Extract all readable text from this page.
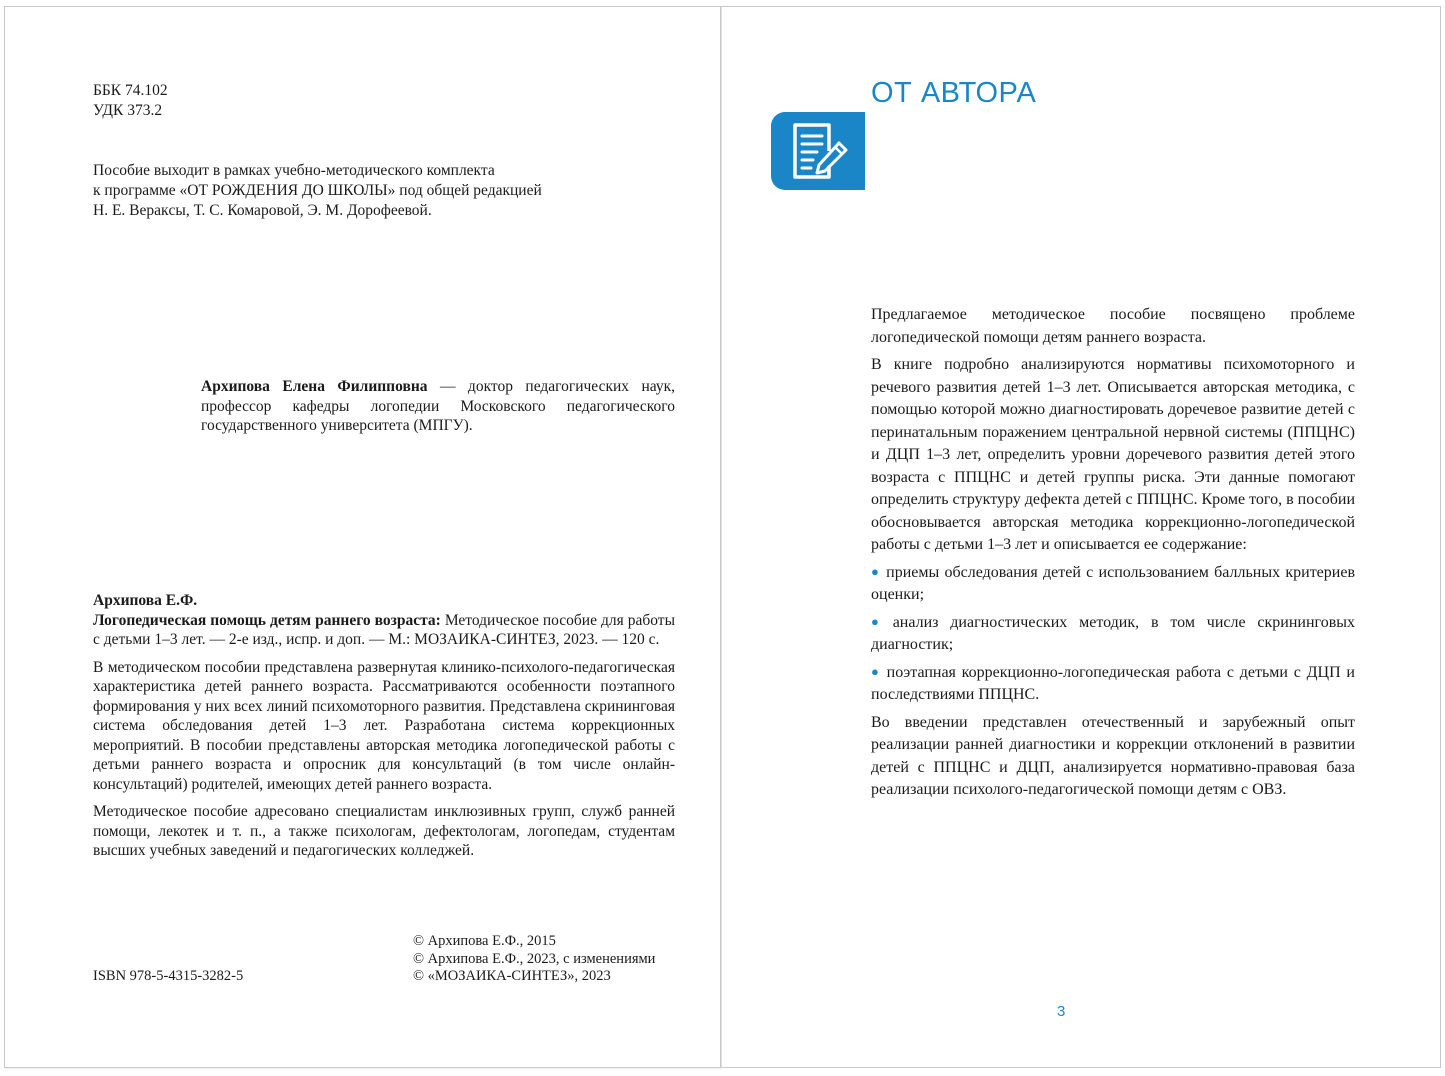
ББК 74.102
УДК 373.2
Пособие выходит в рамках учебно-методического комплекта
к программе «ОТ РОЖДЕНИЯ ДО ШКОЛЫ» под общей редакцией
Н. Е. Веракcы, Т. С. Комаровой, Э. М. Дорофеевой.
Архипова Елена Филипповна — доктор педагогических наук, профессор кафедры логопедии Московского педагогического государственного университета (МПГУ).

Архипова Е.Ф.
Логопедическая помощь детям раннего возраста: Методическое пособие для работы с детьми 1–3 лет. — 2-е изд., испр. и доп. — М.: МОЗАИКА-СИНТЕЗ, 2023. — 120 с.

В методическом пособии представлена развернутая клинико-психолого-педагогическая характеристика детей раннего возраста. Рассматриваются особенности поэтапного формирования у них всех линий психомоторного развития. Представлена скрининговая система обследования детей 1–3 лет. Разработана система коррекционных мероприятий. В пособии представлены авторская методика логопедической работы с детьми раннего возраста и опросник для консультаций (в том числе онлайн-консультаций) родителей, имеющих детей раннего возраста.

Методическое пособие адресовано специалистам инклюзивных групп, служб ранней помощи, лекотек и т. п., а также психологам, дефектологам, логопедам, студентам высших учебных заведений и педагогических колледжей.

© Архипова Е.Ф., 2015
© Архипова Е.Ф., 2023, с изменениями
© «МОЗАИКА-СИНТЕЗ», 2023
ISBN 978-5-4315-3282-5
ОТ АВТОРА

Предлагаемое методическое пособие посвящено проблеме логопедической помощи детям раннего возраста.

В книге подробно анализируются нормативы психомоторного и речевого развития детей 1–3 лет. Описывается авторская методика, с помощью которой можно диагностировать доречевое развитие детей с перинатальным поражением центральной нервной системы (ППЦНС) и ДЦП 1–3 лет, определить уровни доречевого развития детей этого возраста с ППЦНС и детей группы риска. Эти данные помогают определить структуру дефекта детей с ППЦНС. Кроме того, в пособии обосновывается авторская методика коррекционно-логопедической работы с детьми 1–3 лет и описывается ее содержание:

● приемы обследования детей с использованием балльных критериев оценки;
● анализ диагностических методик, в том числе скрининговых диагностик;
● поэтапная коррекционно-логопедическая работа с детьми с ДЦП и последствиями ППЦНС.

Во введении представлен отечественный и зарубежный опыт реализации ранней диагностики и коррекции отклонений в развитии детей с ППЦНС и ДЦП, анализируется нормативно-правовая база реализации психолого-педагогической помощи детям с ОВЗ.

3
